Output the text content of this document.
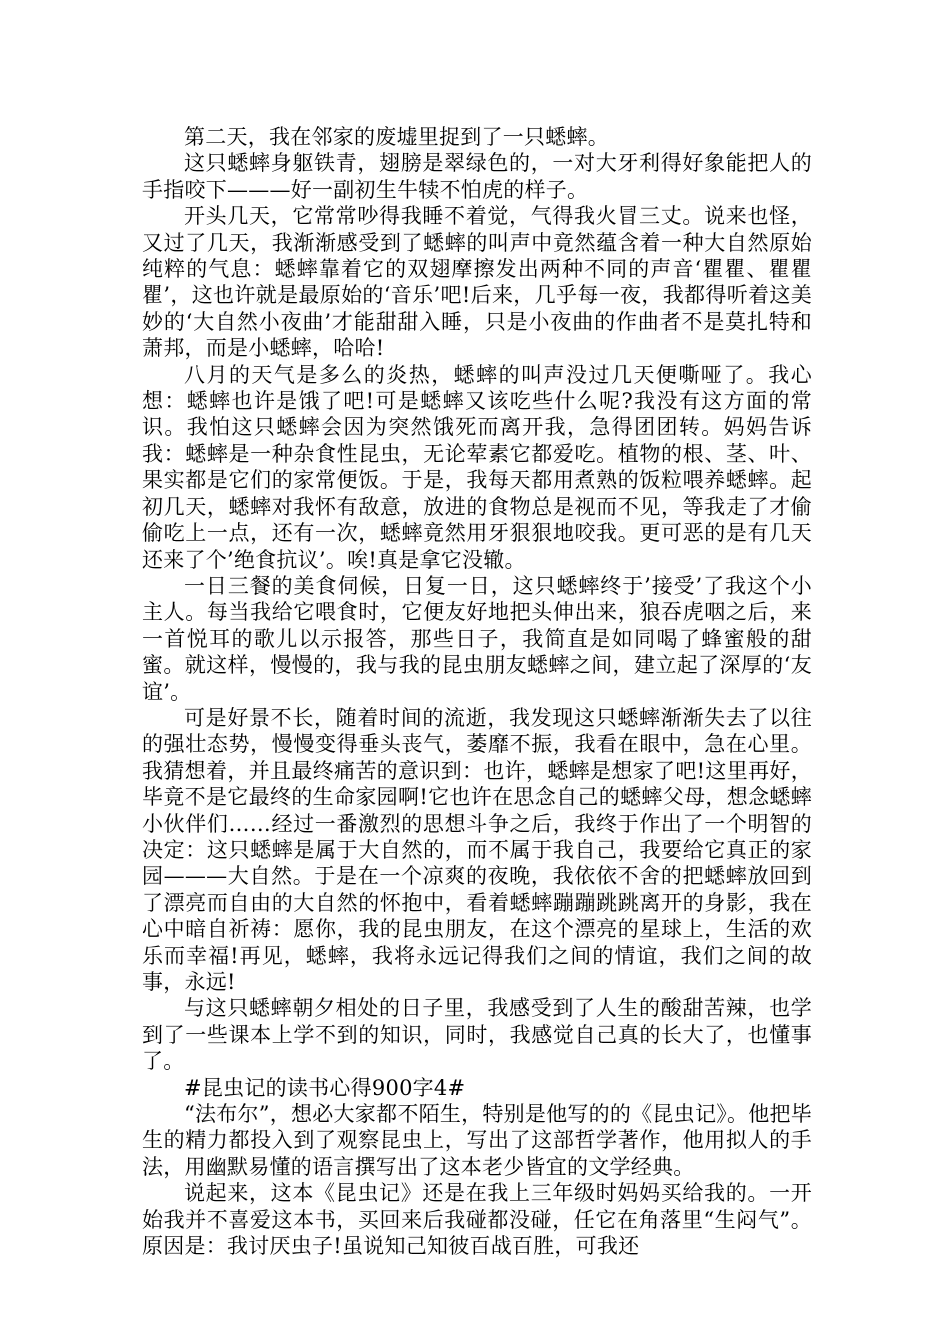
第二天，我在邻家的废墟里捉到了一只蟋蟀。

这只蟋蟀身躯铁青，翅膀是翠绿色的，一对大牙利得好象能把人的手指咬下———好一副初生牛犊不怕虎的样子。

开头几天，它常常吵得我睡不着觉，气得我火冒三丈。说来也怪，又过了几天，我渐渐感受到了蟋蟀的叫声中竟然蕴含着一种大自然原始纯粹的气息：蟋蟀靠着它的双翅摩擦发出两种不同的声音‘瞿瞿、瞿瞿瞿’，这也许就是最原始的‘音乐’吧!后来，几乎每一夜，我都得听着这美妙的‘大自然小夜曲’才能甜甜入睡，只是小夜曲的作曲者不是莫扎特和萧邦，而是小蟋蟀，哈哈!

八月的天气是多么的炎热，蟋蟀的叫声没过几天便嘶哑了。我心想：蟋蟀也许是饿了吧!可是蟋蟀又该吃些什么呢?我没有这方面的常识。我怕这只蟋蟀会因为突然饿死而离开我，急得团团转。妈妈告诉我：蟋蟀是一种杂食性昆虫，无论荤素它都爱吃。植物的根、茎、叶、果实都是它们的家常便饭。于是，我每天都用煮熟的饭粒喂养蟋蟀。起初几天，蟋蟀对我怀有敌意，放进的食物总是视而不见，等我走了才偷偷吃上一点，还有一次，蟋蟀竟然用牙狠狠地咬我。更可恶的是有几天还来了个’绝食抗议’。唉!真是拿它没辙。

一日三餐的美食伺候，日复一日，这只蟋蟀终于’接受’了我这个小主人。每当我给它喂食时，它便友好地把头伸出来，狼吞虎咽之后，来一首悦耳的歌儿以示报答，那些日子，我简直是如同喝了蜂蜜般的甜蜜。就这样，慢慢的，我与我的昆虫朋友蟋蟀之间，建立起了深厚的‘友谊’。

可是好景不长，随着时间的流逝，我发现这只蟋蟀渐渐失去了以往的强壮态势，慢慢变得垂头丧气，萎靡不振，我看在眼中，急在心里。我猜想着，并且最终痛苦的意识到：也许，蟋蟀是想家了吧!这里再好，毕竟不是它最终的生命家园啊!它也许在思念自己的蟋蟀父母，想念蟋蟀小伙伴们……经过一番激烈的思想斗争之后，我终于作出了一个明智的决定：这只蟋蟀是属于大自然的，而不属于我自己，我要给它真正的家园———大自然。于是在一个凉爽的夜晚，我依依不舍的把蟋蟀放回到了漂亮而自由的大自然的怀抱中，看着蟋蟀蹦蹦跳跳离开的身影，我在心中暗自祈祷：愿你，我的昆虫朋友，在这个漂亮的星球上，生活的欢乐而幸福!再见，蟋蟀，我将永远记得我们之间的情谊，我们之间的故事，永远!

与这只蟋蟀朝夕相处的日子里，我感受到了人生的酸甜苦辣，也学到了一些课本上学不到的知识，同时，我感觉自己真的长大了，也懂事了。

#昆虫记的读书心得900字4#

“法布尔”，想必大家都不陌生，特别是他写的的《昆虫记》。他把毕生的精力都投入到了观察昆虫上，写出了这部哲学著作，他用拟人的手法，用幽默易懂的语言撰写出了这本老少皆宜的文学经典。

说起来，这本《昆虫记》还是在我上三年级时妈妈买给我的。一开始我并不喜爱这本书，买回来后我碰都没碰，任它在角落里“生闷气”。原因是：我讨厌虫子!虽说知己知彼百战百胜，可我还
